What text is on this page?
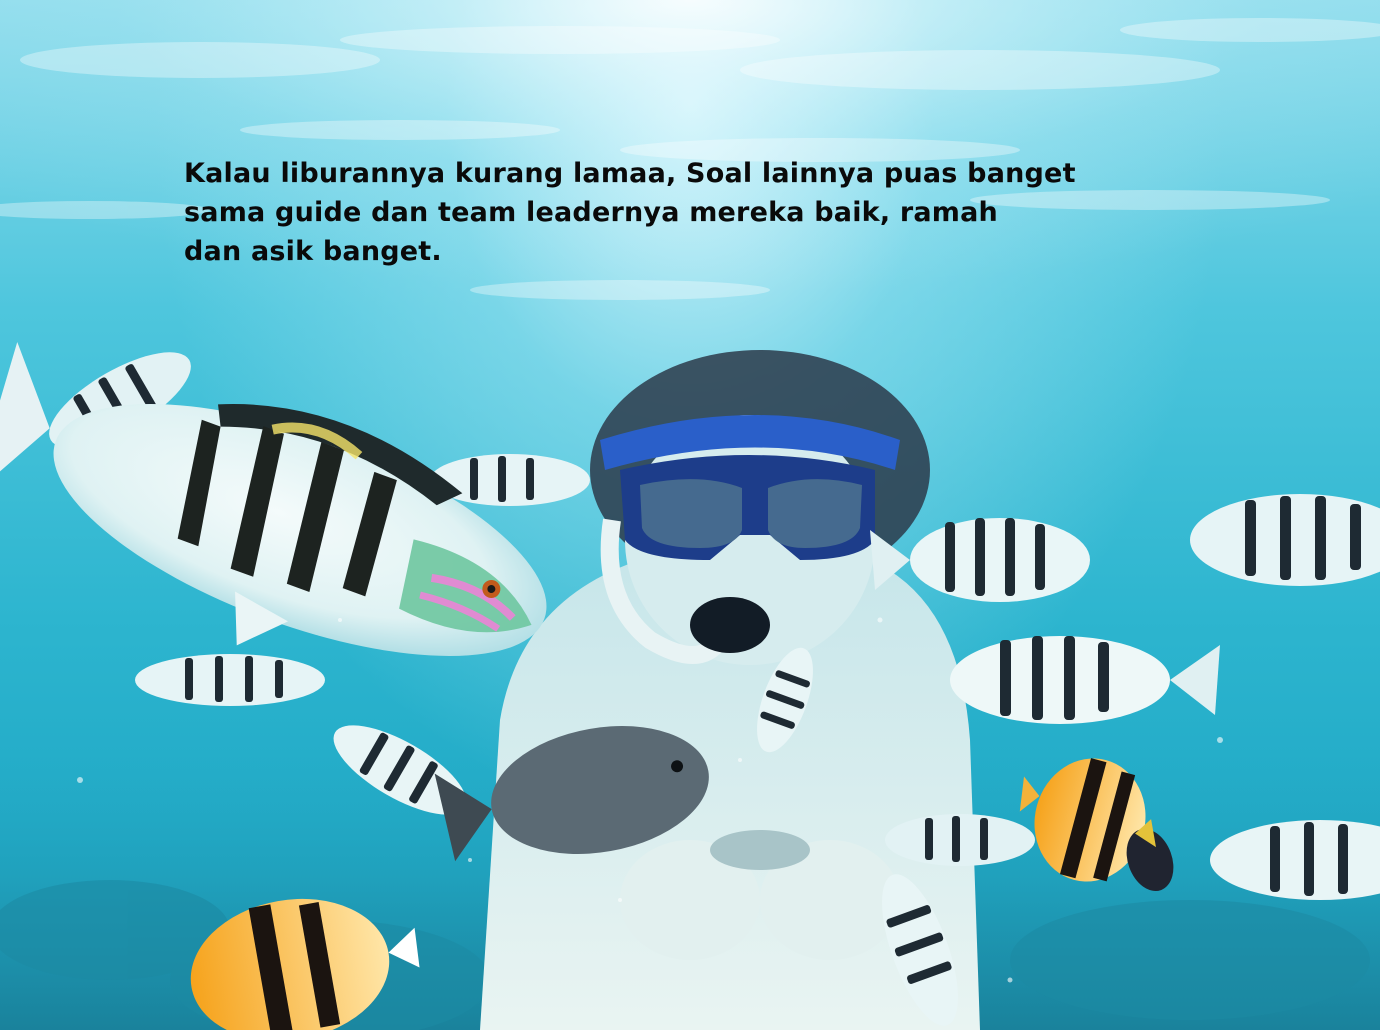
Kalau liburannya kurang lamaa, Soal lainnya puas banget
sama guide dan team leadernya mereka baik, ramah
dan asik banget.
